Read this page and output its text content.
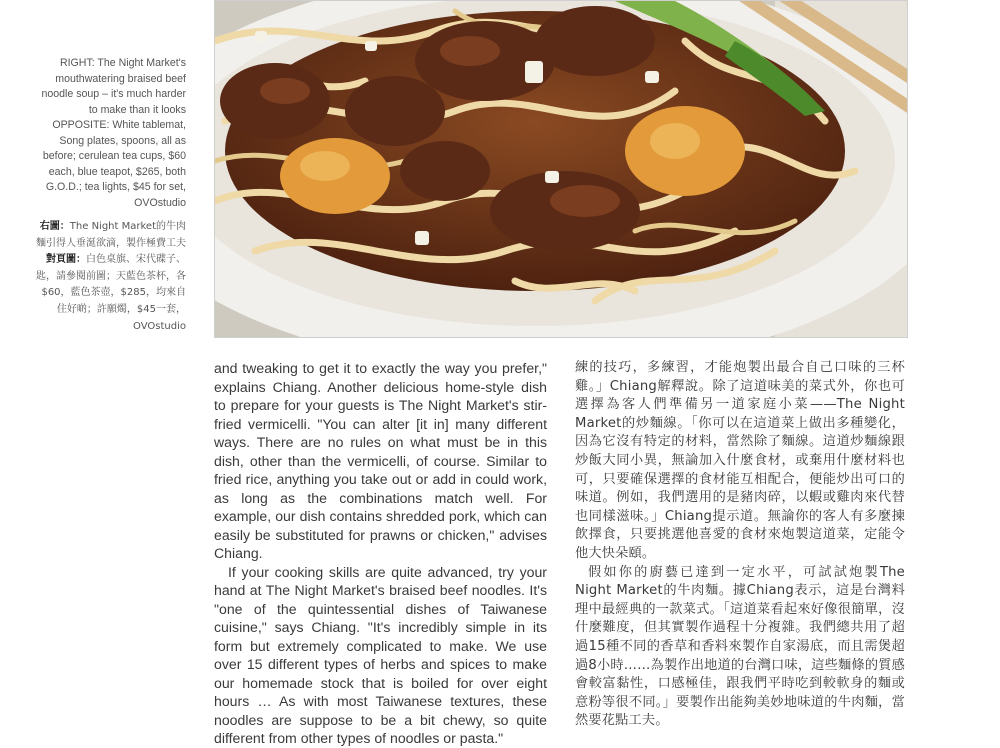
RIGHT: The Night Market's mouthwatering braised beef noodle soup – it's much harder to make than it looks OPPOSITE: White tablemat, Song plates, spoons, all as before; cerulean tea cups, $60 each, blue teapot, $265, both G.O.D.; tea lights, $45 for set, OVOstudio
右圖：The Night Market的牛肉麵引得人垂涎欲滴，製作極費工夫
對頁圖：白色桌旗、宋代碟子、匙，請參閱前圖；天藍色茶杯，各$60，藍色茶壺，$285，均來自住好啲；許願燭，$45一套，OVOstudio

and tweaking to get it to exactly the way you prefer," explains Chiang. Another delicious home-style dish to prepare for your guests is The Night Market's stir-fried vermicelli. "You can alter [it in] many different ways. There are no rules on what must be in this dish, other than the vermicelli, of course. Similar to fried rice, anything you take out or add in could work, as long as the combinations match well. For example, our dish contains shredded pork, which can easily be substituted for prawns or chicken," advises Chiang.

If your cooking skills are quite advanced, try your hand at The Night Market's braised beef noodles. It's "one of the quintessential dishes of Taiwanese cuisine," says Chiang. "It's incredibly simple in its form but extremely complicated to make. We use over 15 different types of herbs and spices to make our homemade stock that is boiled for over eight hours … As with most Taiwanese textures, these noodles are suppose to be a bit chewy, so quite different from other types of noodles or pasta."

練的技巧，多練習，才能炮製出最合自己口味的三杯雞。」Chiang解釋說。除了這道味美的菜式外，你也可選擇為客人們準備另一道家庭小菜——The Night Market的炒麵線。「你可以在這道菜上做出多種變化，因為它沒有特定的材料，當然除了麵線。這道炒麵線跟炒飯大同小異，無論加入什麼食材，或棄用什麼材料也可，只要確保選擇的食材能互相配合，便能炒出可口的味道。例如，我們選用的是豬肉碎，以蝦或雞肉來代替也同樣滋味。」Chiang提示道。無論你的客人有多麼揀飲擇食，只要挑選他喜愛的食材來炮製這道菜，定能令他大快朵頤。

假如你的廚藝已達到一定水平，可試試炮製The Night Market的牛肉麵。據Chiang表示，這是台灣料理中最經典的一款菜式。「這道菜看起來好像很簡單，沒什麼難度，但其實製作過程十分複雜。我們總共用了超過15種不同的香草和香料來製作自家湯底，而且需煲超過8小時……為製作出地道的台灣口味，這些麵條的質感會較富黏性，口感極佳，跟我們平時吃到較軟身的麵或意粉等很不同。」要製作出能夠美妙地味道的牛肉麵，當然要花點工夫。
